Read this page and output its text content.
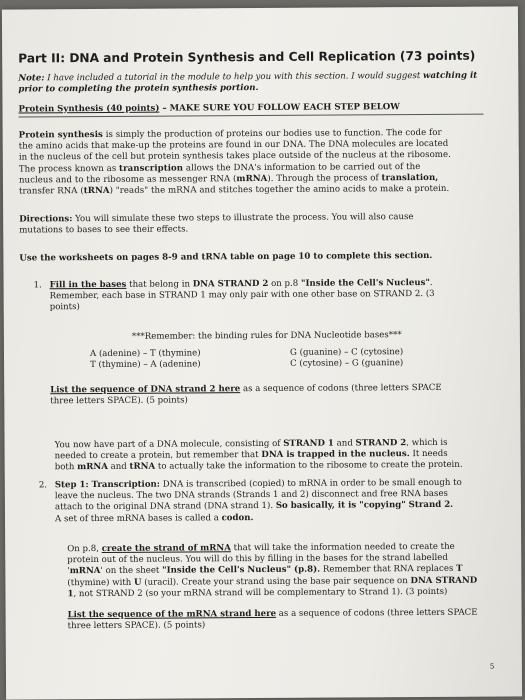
Part II: DNA and Protein Synthesis and Cell Replication (73 points)

Note: I have included a tutorial in the module to help you with this section. I would suggest watching it
prior to completing the protein synthesis portion.

Protein Synthesis (40 points) – MAKE SURE YOU FOLLOW EACH STEP BELOW

Protein synthesis is simply the production of proteins our bodies use to function. The code for
the amino acids that make-up the proteins are found in our DNA. The DNA molecules are located
in the nucleus of the cell but protein synthesis takes place outside of the nucleus at the ribosome.
The process known as transcription allows the DNA's information to be carried out of the
nucleus and to the ribosome as messenger RNA (mRNA). Through the process of translation,
transfer RNA (tRNA) "reads" the mRNA and stitches together the amino acids to make a protein.
Directions: You will simulate these two steps to illustrate the process. You will also cause
mutations to bases to see their effects.

Use the worksheets on pages 8-9 and tRNA table on page 10 to complete this section.

1. Fill in the bases that belong in DNA STRAND 2 on p.8 "Inside the Cell's Nucleus".
Remember, each base in STRAND 1 may only pair with one other base on STRAND 2. (3
points)

***Remember: the binding rules for DNA Nucleotide bases***

A (adenine) – T (thymine)	G (guanine) – C (cytosine)
T (thymine) – A (adenine)	C (cytosine) – G (guanine)
List the sequence of DNA strand 2 here as a sequence of codons (three letters SPACE
three letters SPACE). (5 points)
You now have part of a DNA molecule, consisting of STRAND 1 and STRAND 2, which is
needed to create a protein, but remember that DNA is trapped in the nucleus. It needs
both mRNA and tRNA to actually take the information to the ribosome to create the protein.
2. Step 1: Transcription: DNA is transcribed (copied) to mRNA in order to be small enough to
leave the nucleus. The two DNA strands (Strands 1 and 2) disconnect and free RNA bases
attach to the original DNA strand (DNA strand 1). So basically, it is "copying" Strand 2.
A set of three mRNA bases is called a codon.
On p.8, create the strand of mRNA that will take the information needed to create the
protein out of the nucleus. You will do this by filling in the bases for the strand labelled
'mRNA' on the sheet "Inside the Cell's Nucleus" (p.8). Remember that RNA replaces T
(thymine) with U (uracil). Create your strand using the base pair sequence on DNA STRAND
1, not STRAND 2 (so your mRNA strand will be complementary to Strand 1). (3 points)
List the sequence of the mRNA strand here as a sequence of codons (three letters SPACE
three letters SPACE). (5 points)

5
